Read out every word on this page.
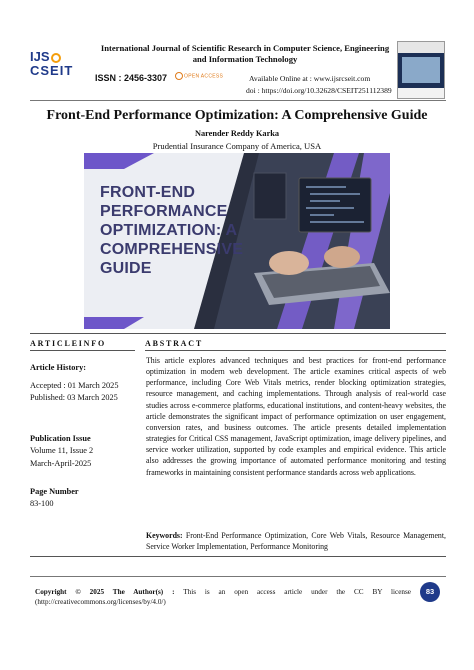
IJS
CSEIT
International Journal of Scientific Research in Computer Science, Engineering and Information Technology
ISSN : 2456-3307	OPEN ACCESS	Available Online at : www.ijsrcseit.com
doi : https://doi.org/10.32628/CSEIT251112389
Front-End Performance Optimization: A Comprehensive Guide
Narender Reddy Karka
Prudential Insurance Company of America, USA
FRONT-END
PERFORMANCE
OPTIMIZATION: A
COMPREHENSIVE GUIDE
ARTICLEINFO	ABSTRACT
Article History:
Accepted : 01 March 2025
Published: 03 March 2025
Publication Issue
Volume 11, Issue 2
March-April-2025
Page Number
83-100
This article explores advanced techniques and best practices for front-end performance optimization in modern web development. The article examines critical aspects of web performance, including Core Web Vitals metrics, render blocking optimization strategies, resource management, and caching implementations. Through analysis of real-world case studies across e-commerce platforms, educational institutions, and content-heavy websites, the article demonstrates the significant impact of performance optimization on user engagement, conversion rates, and business outcomes. The article presents detailed implementation strategies for Critical CSS management, JavaScript optimization, image delivery pipelines, and service worker utilization, supported by code examples and empirical evidence. This article also addresses the growing importance of automated performance monitoring and testing frameworks in maintaining consistent performance standards across web applications.
Keywords: Front-End Performance Optimization, Core Web Vitals, Resource Management, Service Worker Implementation, Performance Monitoring
Copyright © 2025 The Author(s) : This is an open access article under the CC BY license (http://creativecommons.org/licenses/by/4.0/)
83
